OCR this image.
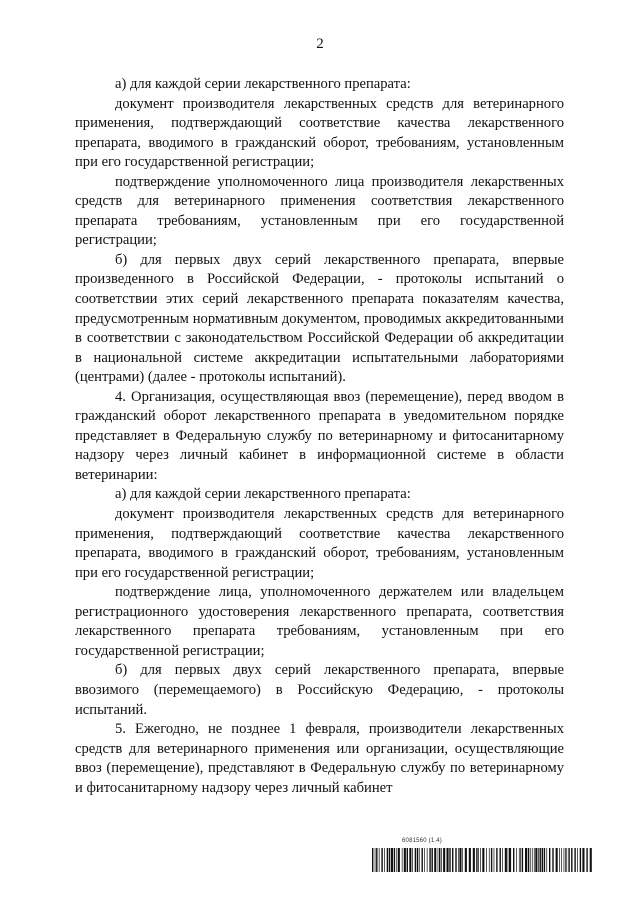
2

а) для каждой серии лекарственного препарата:

документ производителя лекарственных средств для ветеринарного применения, подтверждающий соответствие качества лекарственного препарата, вводимого в гражданский оборот, требованиям, установленным при его государственной регистрации;

подтверждение уполномоченного лица производителя лекарственных средств для ветеринарного применения соответствия лекарственного препарата требованиям, установленным при его государственной регистрации;

б) для первых двух серий лекарственного препарата, впервые произведенного в Российской Федерации, - протоколы испытаний о соответствии этих серий лекарственного препарата показателям качества, предусмотренным нормативным документом, проводимых аккредитованными в соответствии с законодательством Российской Федерации об аккредитации в национальной системе аккредитации испытательными лабораториями (центрами) (далее - протоколы испытаний).

4. Организация, осуществляющая ввоз (перемещение), перед вводом в гражданский оборот лекарственного препарата в уведомительном порядке представляет в Федеральную службу по ветеринарному и фитосанитарному надзору через личный кабинет в информационной системе в области ветеринарии:

а) для каждой серии лекарственного препарата:

документ производителя лекарственных средств для ветеринарного применения, подтверждающий соответствие качества лекарственного препарата, вводимого в гражданский оборот, требованиям, установленным при его государственной регистрации;

подтверждение лица, уполномоченного держателем или владельцем регистрационного удостоверения лекарственного препарата, соответствия лекарственного препарата требованиям, установленным при его государственной регистрации;

б) для первых двух серий лекарственного препарата, впервые ввозимого (перемещаемого) в Российскую Федерацию, - протоколы испытаний.

5. Ежегодно, не позднее 1 февраля, производители лекарственных средств для ветеринарного применения или организации, осуществляющие ввоз (перемещение), представляют в Федеральную службу по ветеринарному и фитосанитарному надзору через личный кабинет

6081560 (1.4)
